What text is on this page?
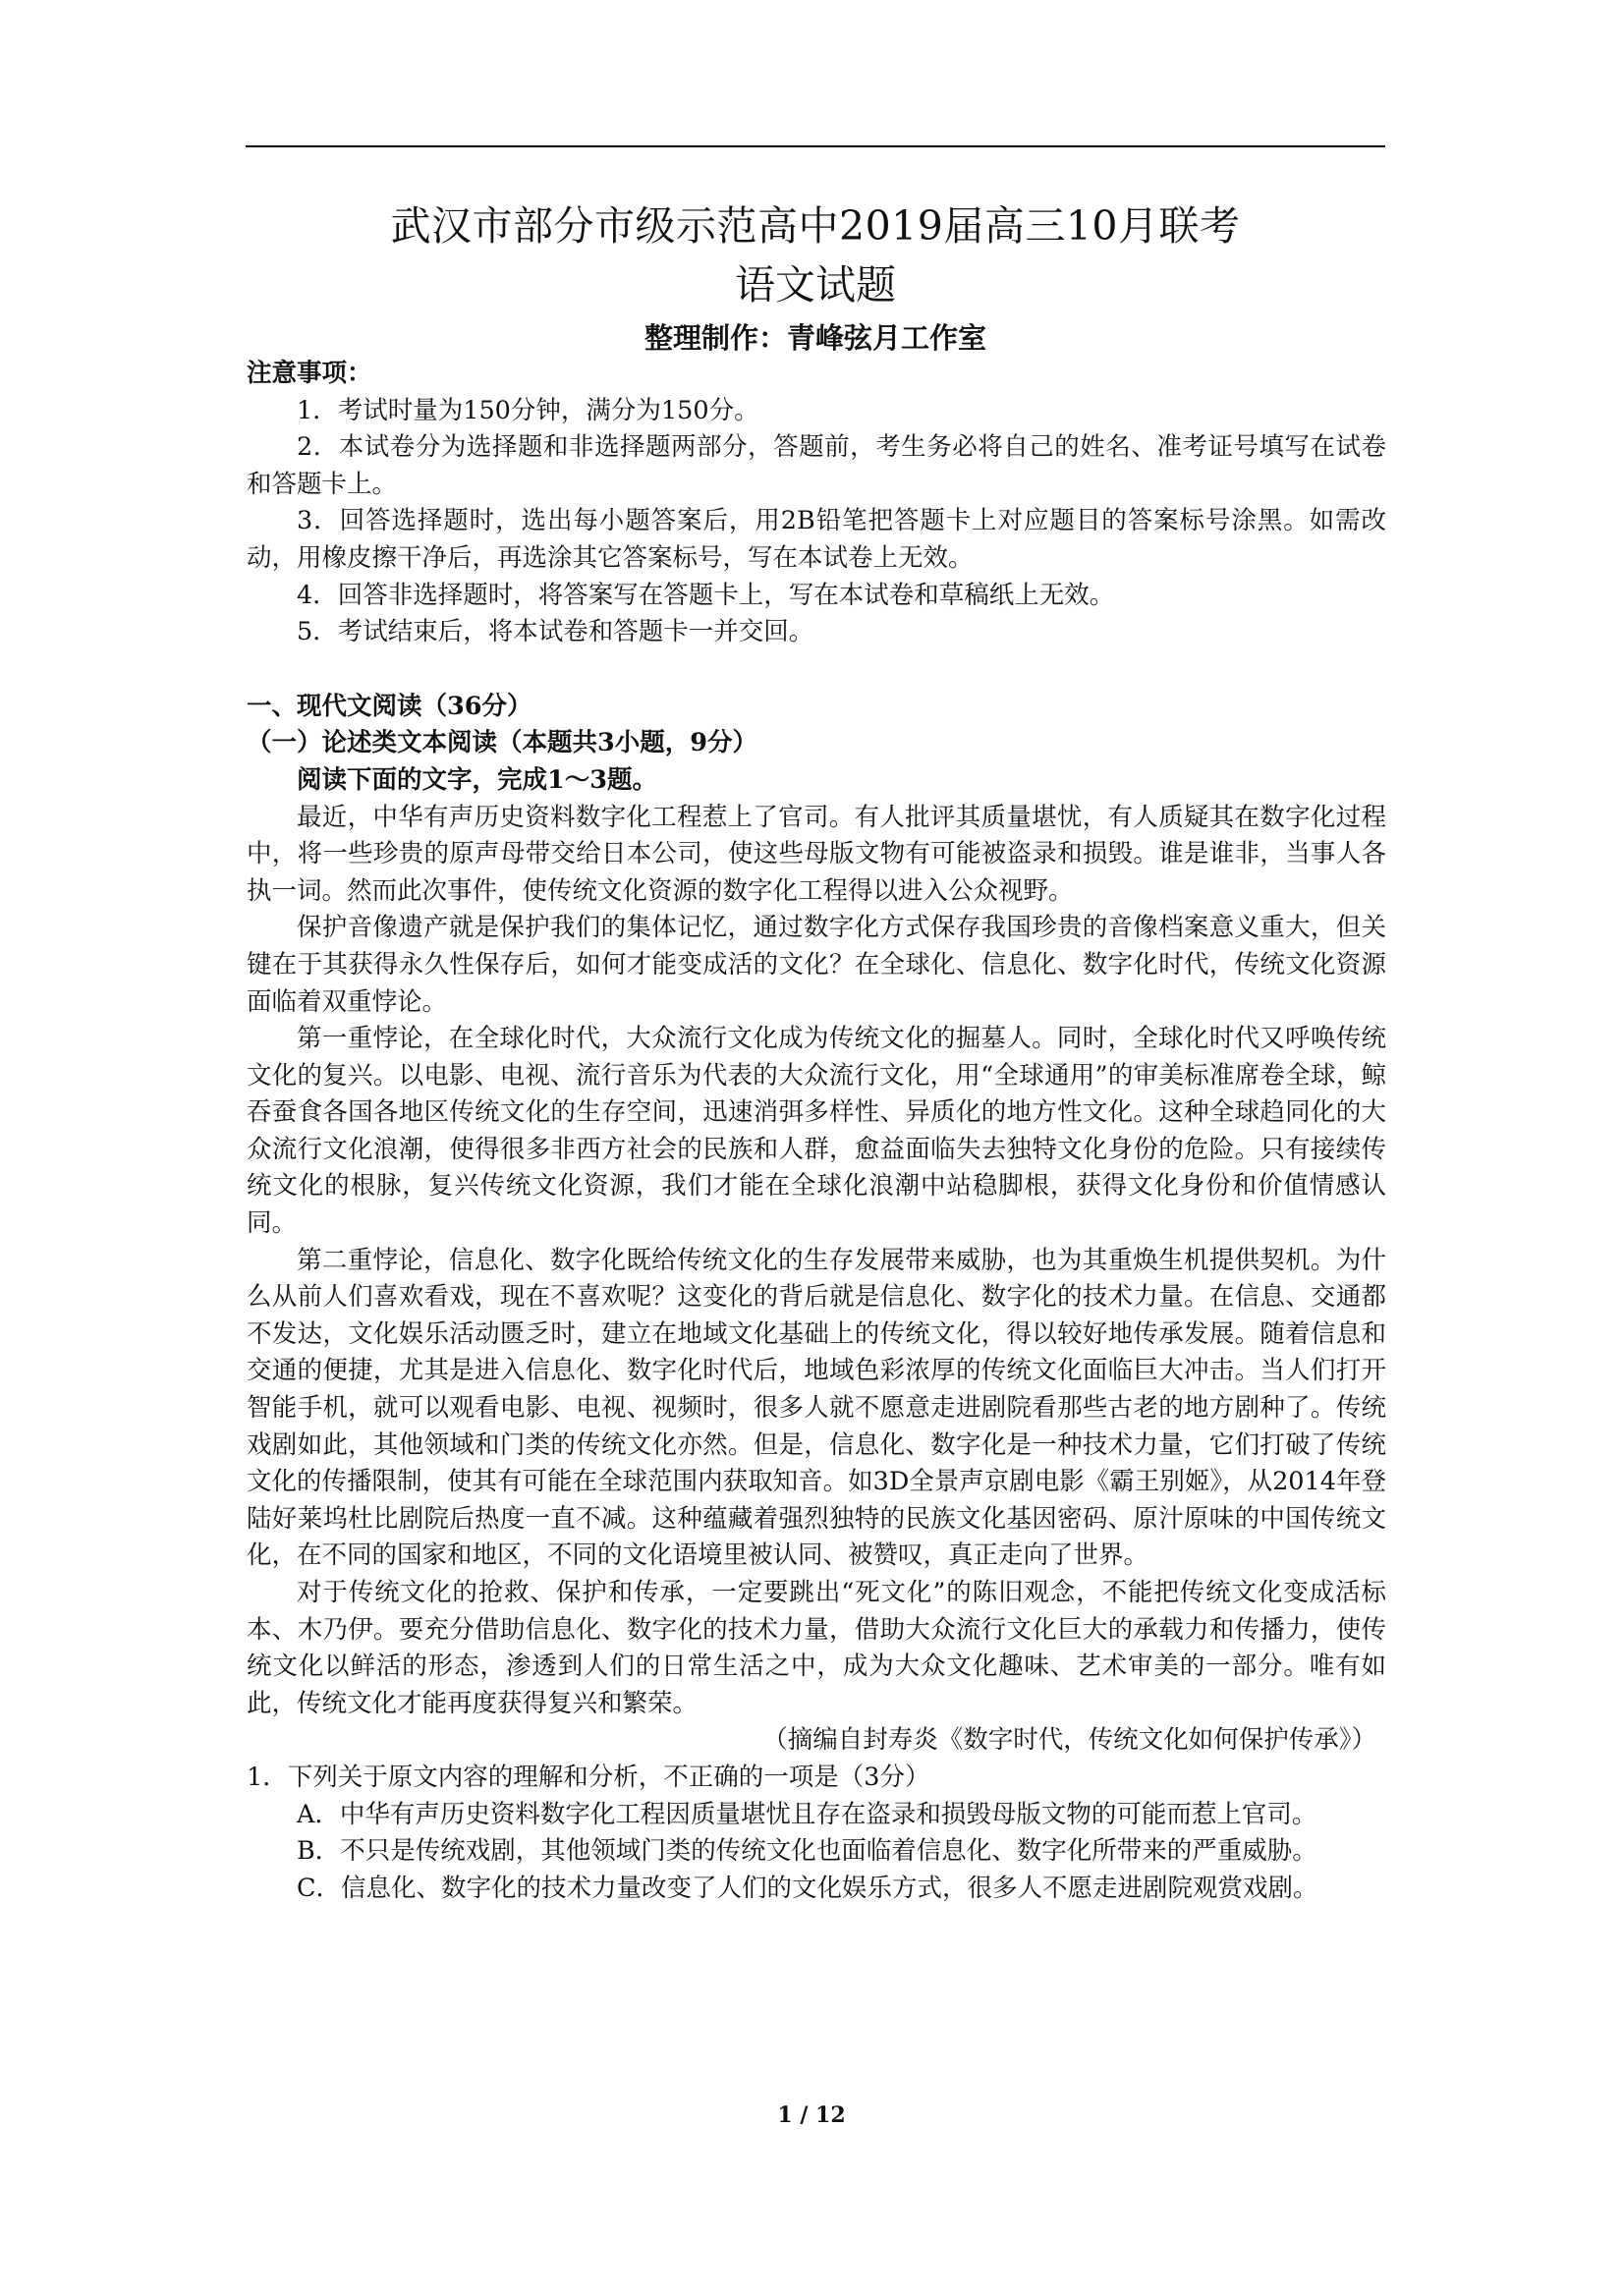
武汉市部分市级示范高中2019届高三10月联考
语文试题
整理制作：青峰弦月工作室

注意事项：

1．考试时量为150分钟，满分为150分。

2．本试卷分为选择题和非选择题两部分，答题前，考生务必将自己的姓名、准考证号填写在试卷和答题卡上。

3．回答选择题时，选出每小题答案后，用2B铅笔把答题卡上对应题目的答案标号涂黑。如需改动，用橡皮擦干净后，再选涂其它答案标号，写在本试卷上无效。

4．回答非选择题时，将答案写在答题卡上，写在本试卷和草稿纸上无效。

5．考试结束后，将本试卷和答题卡一并交回。

一、现代文阅读（36分）

（一）论述类文本阅读（本题共3小题，9分）

阅读下面的文字，完成1～3题。

最近，中华有声历史资料数字化工程惹上了官司。有人批评其质量堪忧，有人质疑其在数字化过程中，将一些珍贵的原声母带交给日本公司，使这些母版文物有可能被盗录和损毁。谁是谁非，当事人各执一词。然而此次事件，使传统文化资源的数字化工程得以进入公众视野。

保护音像遗产就是保护我们的集体记忆，通过数字化方式保存我国珍贵的音像档案意义重大，但关键在于其获得永久性保存后，如何才能变成活的文化？在全球化、信息化、数字化时代，传统文化资源面临着双重悖论。

第一重悖论，在全球化时代，大众流行文化成为传统文化的掘墓人。同时，全球化时代又呼唤传统文化的复兴。以电影、电视、流行音乐为代表的大众流行文化，用“全球通用”的审美标准席卷全球，鲸吞蚕食各国各地区传统文化的生存空间，迅速消弭多样性、异质化的地方性文化。这种全球趋同化的大众流行文化浪潮，使得很多非西方社会的民族和人群，愈益面临失去独特文化身份的危险。只有接续传统文化的根脉，复兴传统文化资源，我们才能在全球化浪潮中站稳脚根，获得文化身份和价值情感认同。

第二重悖论，信息化、数字化既给传统文化的生存发展带来威胁，也为其重焕生机提供契机。为什么从前人们喜欢看戏，现在不喜欢呢？这变化的背后就是信息化、数字化的技术力量。在信息、交通都不发达，文化娱乐活动匮乏时，建立在地域文化基础上的传统文化，得以较好地传承发展。随着信息和交通的便捷，尤其是进入信息化、数字化时代后，地域色彩浓厚的传统文化面临巨大冲击。当人们打开智能手机，就可以观看电影、电视、视频时，很多人就不愿意走进剧院看那些古老的地方剧种了。传统戏剧如此，其他领域和门类的传统文化亦然。但是，信息化、数字化是一种技术力量，它们打破了传统文化的传播限制，使其有可能在全球范围内获取知音。如3D全景声京剧电影《霸王别姬》，从2014年登陆好莱坞杜比剧院后热度一直不减。这种蕴藏着强烈独特的民族文化基因密码、原汁原味的中国传统文化，在不同的国家和地区，不同的文化语境里被认同、被赞叹，真正走向了世界。

对于传统文化的抢救、保护和传承，一定要跳出“死文化”的陈旧观念，不能把传统文化变成活标本、木乃伊。要充分借助信息化、数字化的技术力量，借助大众流行文化巨大的承载力和传播力，使传统文化以鲜活的形态，渗透到人们的日常生活之中，成为大众文化趣味、艺术审美的一部分。唯有如此，传统文化才能再度获得复兴和繁荣。

（摘编自封寿炎《数字时代，传统文化如何保护传承》）

1．下列关于原文内容的理解和分析，不正确的一项是（3分）

A．中华有声历史资料数字化工程因质量堪忧且存在盗录和损毁母版文物的可能而惹上官司。

B．不只是传统戏剧，其他领域门类的传统文化也面临着信息化、数字化所带来的严重威胁。

C．信息化、数字化的技术力量改变了人们的文化娱乐方式，很多人不愿走进剧院观赏戏剧。

1 / 12
